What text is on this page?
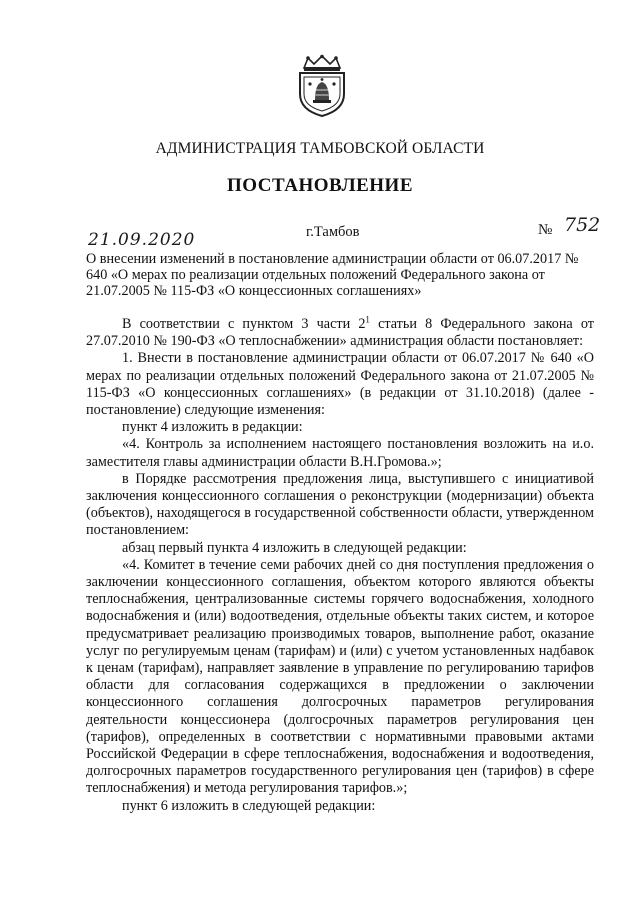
АДМИНИСТРАЦИЯ ТАМБОВСКОЙ ОБЛАСТИ
ПОСТАНОВЛЕНИЕ
21.09.2020	г.Тамбов	№ 752
О внесении изменений в постановление администрации области от 06.07.2017 № 640 «О мерах по реализации отдельных положений Федерального закона от 21.07.2005 № 115-ФЗ «О концессионных соглашениях»

В соответствии с пунктом 3 части $2^1$ статьи 8 Федерального закона от 27.07.2010 № 190-ФЗ «О теплоснабжении» администрация области постановляет:

1. Внести в постановление администрации области от 06.07.2017 № 640 «О мерах по реализации отдельных положений Федерального закона от 21.07.2005 № 115-ФЗ «О концессионных соглашениях» (в редакции от 31.10.2018) (далее - постановление) следующие изменения:

пункт 4 изложить в редакции:

«4. Контроль за исполнением настоящего постановления возложить на и.о. заместителя главы администрации области В.Н.Громова.»;

в Порядке рассмотрения предложения лица, выступившего с инициативой заключения концессионного соглашения о реконструкции (модернизации) объекта (объектов), находящегося в государственной собственности области, утвержденном постановлением:

абзац первый пункта 4 изложить в следующей редакции:

«4. Комитет в течение семи рабочих дней со дня поступления предложения о заключении концессионного соглашения, объектом которого являются объекты теплоснабжения, централизованные системы горячего водоснабжения, холодного водоснабжения и (или) водоотведения, отдельные объекты таких систем, и которое предусматривает реализацию производимых товаров, выполнение работ, оказание услуг по регулируемым ценам (тарифам) и (или) с учетом установленных надбавок к ценам (тарифам), направляет заявление в управление по регулированию тарифов области для согласования содержащихся в предложении о заключении концессионного соглашения долгосрочных параметров регулирования деятельности концессионера (долгосрочных параметров регулирования цен (тарифов), определенных в соответствии с нормативными правовыми актами Российской Федерации в сфере теплоснабжения, водоснабжения и водоотведения, долгосрочных параметров государственного регулирования цен (тарифов) в сфере теплоснабжения) и метода регулирования тарифов.»;

пункт 6 изложить в следующей редакции:
